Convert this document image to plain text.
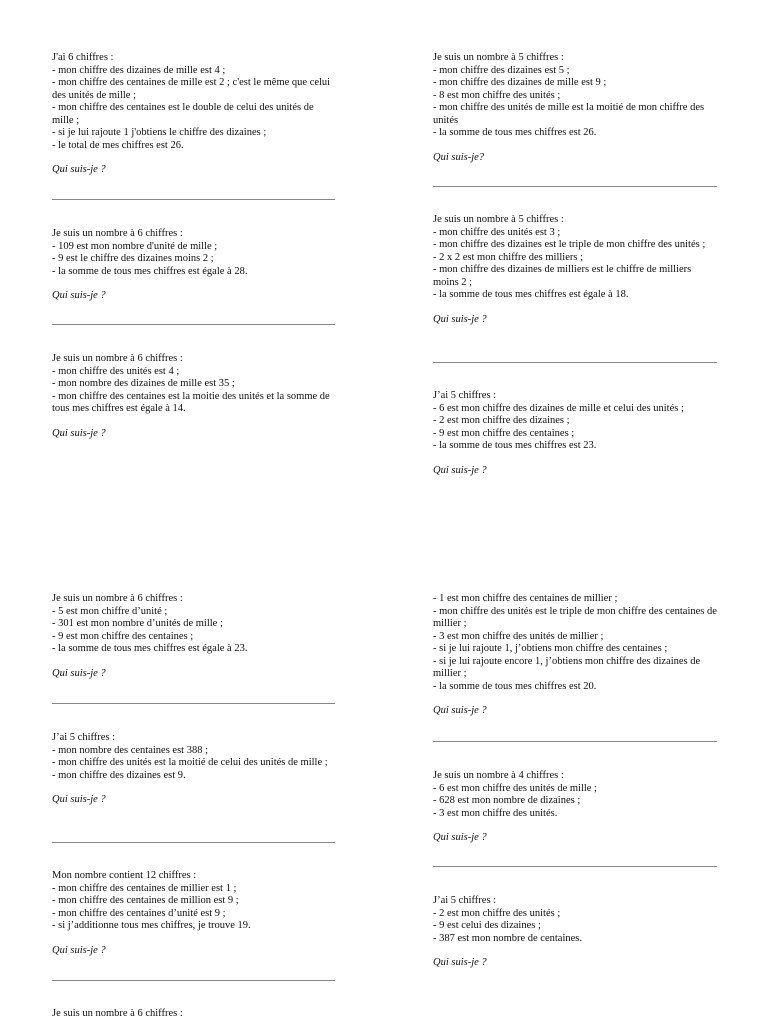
J'ai 6 chiffres :

- mon chiffre des dizaines de mille est 4 ;

- mon chiffre des centaines de mille est 2 ; c'est le même que celui des unités de mille ;

- mon chiffre des centaines est le double de celui des unités de mille ;

- si je lui rajoute 1 j'obtiens le chiffre des dizaines ;

- le total de mes chiffres est 26.

Qui suis-je ?

Je suis un nombre à 6 chiffres :

- 109 est mon nombre d'unité de mille ;

- 9 est le chiffre des dizaines moins 2 ;

- la somme de tous mes chiffres est égale à 28.

Qui suis-je ?

Je suis un nombre à 6 chiffres :

- mon chiffre des unités est 4 ;

- mon nombre des dizaines de mille est 35 ;

- mon chiffre des centaines est la moitie des unités et la somme de tous mes chiffres est égale à 14.

Qui suis-je ?

Je suis un nombre à 6 chiffres :

- 5 est mon chiffre d’unité ;

- 301 est mon nombre d’unités de mille ;

- 9 est mon chiffre des centaines ;

- la somme de tous mes chiffres est égale à 23.

Qui suis-je ?

J’ai 5 chiffres :

- mon nombre des centaines est 388 ;

- mon chiffre des unités est la moitié de celui des unités de mille ;

- mon chiffre des dizaines est 9.

Qui suis-je ?

Mon nombre contient 12 chiffres :

- mon chiffre des centaines de millier est 1 ;

- mon chiffre des centaines de million est 9 ;

- mon chiffre des centaines d’unité est 9 ;

- si j’additionne tous mes chiffres, je trouve 19.

Qui suis-je ?

Je suis un nombre à 6 chiffres :

Je suis un nombre à 5 chiffres :

- mon chiffre des dizaines est 5 ;

- mon chiffre des dizaines de mille est 9 ;

- 8 est mon chiffre des unités ;

- mon chiffre des unités de mille est la moitié de mon chiffre des unités

- la somme de tous mes chiffres est 26.

Qui suis-je?

Je suis un nombre à 5 chiffres :

- mon chiffre des unités est 3 ;

- mon chiffre des dizaines est le triple de mon chiffre des unités ;

- 2 x 2 est mon chiffre des milliers ;

- mon chiffre des dizaines de milliers est le chiffre de milliers moins 2 ;

- la somme de tous mes chiffres est égale à 18.

Qui suis-je ?

J’ai 5 chiffres :

- 6 est mon chiffre des dizaines de mille et celui des unités ;

- 2 est mon chiffre des dizaines ;

- 9 est mon chiffre des centaines ;

- la somme de tous mes chiffres est 23.

Qui suis-je ?

- 1 est mon chiffre des centaines de millier ;

- mon chiffre des unités est le triple de mon chiffre des centaines de millier ;

- 3 est mon chiffre des unités de millier ;

- si je lui rajoute 1, j’obtiens mon chiffre des centaines ;

- si je lui rajoute encore 1, j’obtiens mon chiffre des dizaines de millier ;

- la somme de tous mes chiffres est 20.

Qui suis-je ?

Je suis un nombre à 4 chiffres :

- 6 est mon chiffre des unités de mille ;

- 628 est mon nombre de dizaines ;

- 3 est mon chiffre des unités.

Qui suis-je ?

J’ai 5 chiffres :

- 2 est mon chiffre des unités ;

- 9 est celui des dizaines ;

- 387 est mon nombre de centaines.

Qui suis-je ?
